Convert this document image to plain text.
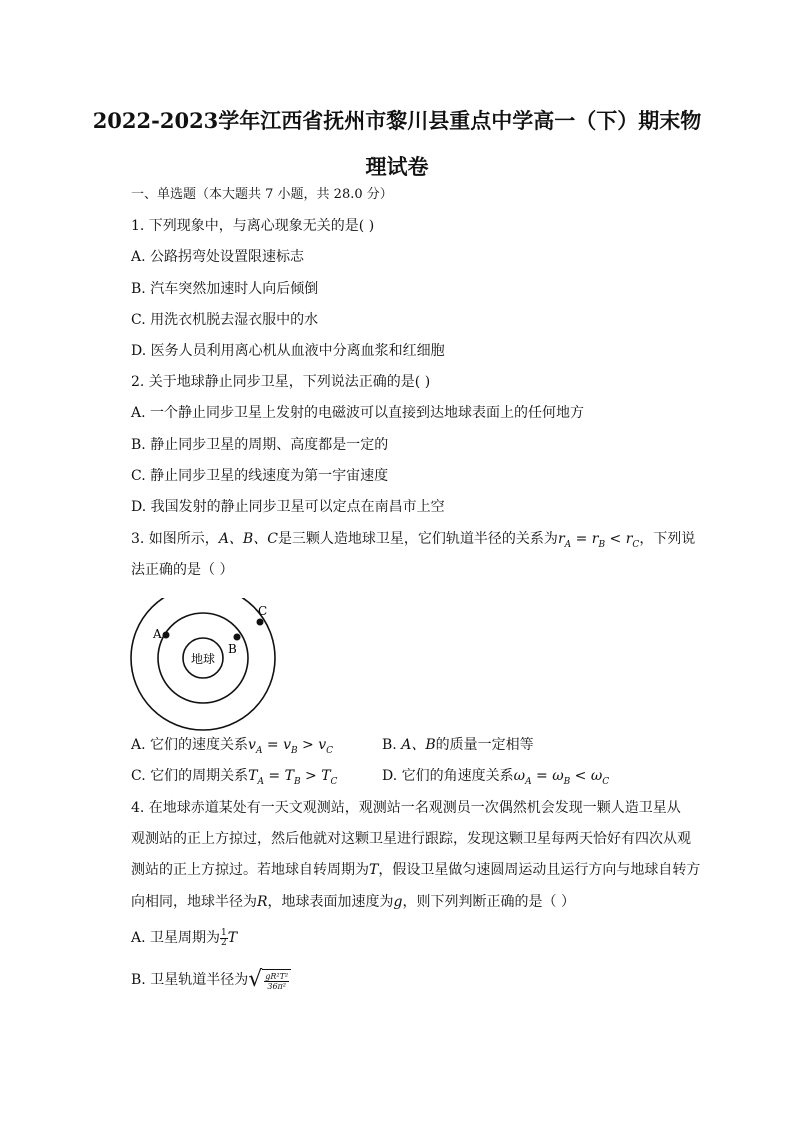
2022-2023学年江西省抚州市黎川县重点中学高一（下）期末物
理试卷
一、单选题（本大题共 7 小题，共 28.0 分）
1. 下列现象中，与离心现象无关的是( )
A. 公路拐弯处设置限速标志
B. 汽车突然加速时人向后倾倒
C. 用洗衣机脱去湿衣服中的水
D. 医务人员利用离心机从血液中分离血浆和红细胞
2. 关于地球静止同步卫星，下列说法正确的是( )
A. 一个静止同步卫星上发射的电磁波可以直接到达地球表面上的任何地方
B. 静止同步卫星的周期、高度都是一定的
C. 静止同步卫星的线速度为第一宇宙速度
D. 我国发射的静止同步卫星可以定点在南昌市上空
3. 如图所示，A、B、C是三颗人造地球卫星，它们轨道半径的关系为$r_A = r_B < r_C$，下列说
法正确的是（ ）
地球
A
B
C
A. 它们的速度关系$v_A = v_B > v_C$	B. A、B的质量一定相等
C. 它们的周期关系$T_A = T_B > T_C$	D. 它们的角速度关系$\omega_A = \omega_B < \omega_C$
4. 在地球赤道某处有一天文观测站，观测站一名观测员一次偶然机会发现一颗人造卫星从
观测站的正上方掠过，然后他就对这颗卫星进行跟踪，发现这颗卫星每两天恰好有四次从观
测站的正上方掠过。若地球自转周期为T，假设卫星做匀速圆周运动且运行方向与地球自转方
向相同，地球半径为R，地球表面加速度为g，则下列判断正确的是（ ）
A. 卫星周期为 $\frac{1}{2}$ T
B. 卫星轨道半径为√ $\frac{\text{gR²T²}}{\text{36π²}}$
